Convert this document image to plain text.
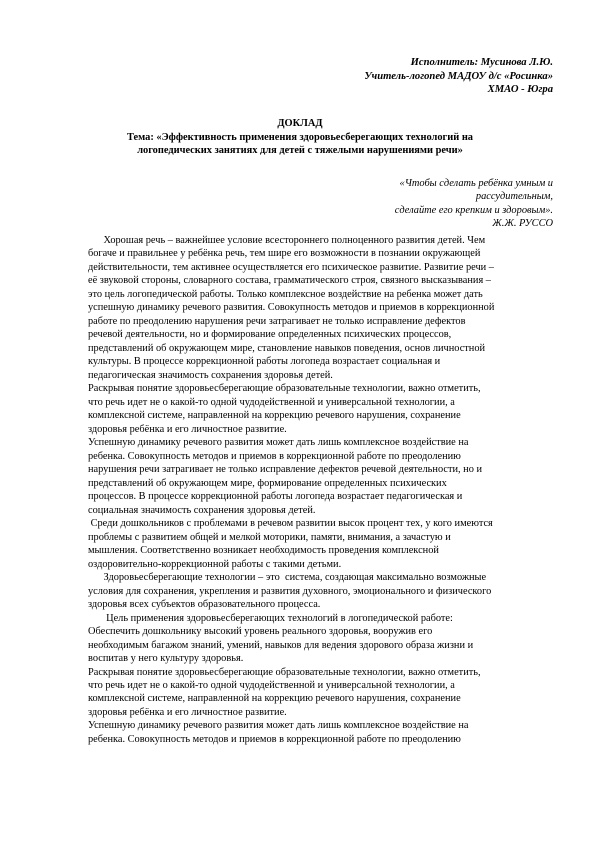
Исполнитель: Мусинова Л.Ю.
Учитель-логопед МАДОУ д/с «Росинка»
ХМАО - Югра
ДОКЛАД
Тема: «Эффективность применения здоровьесберегающих технологий на
логопедических занятиях для детей с тяжелыми нарушениями речи»
«Чтобы сделать ребёнка умным и
рассудительным,
сделайте его крепким и здоровым».
Ж.Ж. РУССО

Хорошая речь – важнейшее условие всестороннего полноценного развития детей. Чем
богаче и правильнее у ребёнка речь, тем шире его возможности в познании окружающей
действительности, тем активнее осуществляется его психическое развитие. Развитие речи –
её звуковой стороны, словарного состава, грамматического строя, связного высказывания –
это цель логопедической работы. Только комплексное воздействие на ребенка может дать
успешную динамику речевого развития. Совокупность методов и приемов в коррекционной
работе по преодолению нарушения речи затрагивает не только исправление дефектов
речевой деятельности, но и формирование определенных психических процессов,
представлений об окружающем мире, становление навыков поведения, основ личностной
культуры. В процессе коррекционной работы логопеда возрастает социальная и
педагогическая значимость сохранения здоровья детей.

Раскрывая понятие здоровьесберегающие образовательные технологии, важно отметить,
что речь идет не о какой-то одной чудодейственной и универсальной технологии, а
комплексной системе, направленной на коррекцию речевого нарушения, сохранение
здоровья ребёнка и его личностное развитие.

Успешную динамику речевого развития может дать лишь комплексное воздействие на
ребенка. Совокупность методов и приемов в коррекционной работе по преодолению
нарушения речи затрагивает не только исправление дефектов речевой деятельности, но и
представлений об окружающем мире, формирование определенных психических
процессов. В процессе коррекционной работы логопеда возрастает педагогическая и
социальная значимость сохранения здоровья детей.

Среди дошкольников с проблемами в речевом развитии высок процент тех, у кого имеются
проблемы с развитием общей и мелкой моторики, памяти, внимания, а зачастую и
мышления. Соответственно возникает необходимость проведения комплексной
оздоровительно-коррекционной работы с такими детьми.

Здоровьесберегающие технологии – это  система, создающая максимально возможные
условия для сохранения, укрепления и развития духовного, эмоционального и физического
здоровья всех субъектов образовательного процесса.

Цель применения здоровьесберегающих технологий в логопедической работе:
Обеспечить дошкольнику высокий уровень реального здоровья, вооружив его
необходимым багажом знаний, умений, навыков для ведения здорового образа жизни и
воспитав у него культуру здоровья.

Раскрывая понятие здоровьесберегающие образовательные технологии, важно отметить,
что речь идет не о какой-то одной чудодейственной и универсальной технологии, а
комплексной системе, направленной на коррекцию речевого нарушения, сохранение
здоровья ребёнка и его личностное развитие.

Успешную динамику речевого развития может дать лишь комплексное воздействие на
ребенка. Совокупность методов и приемов в коррекционной работе по преодолению
